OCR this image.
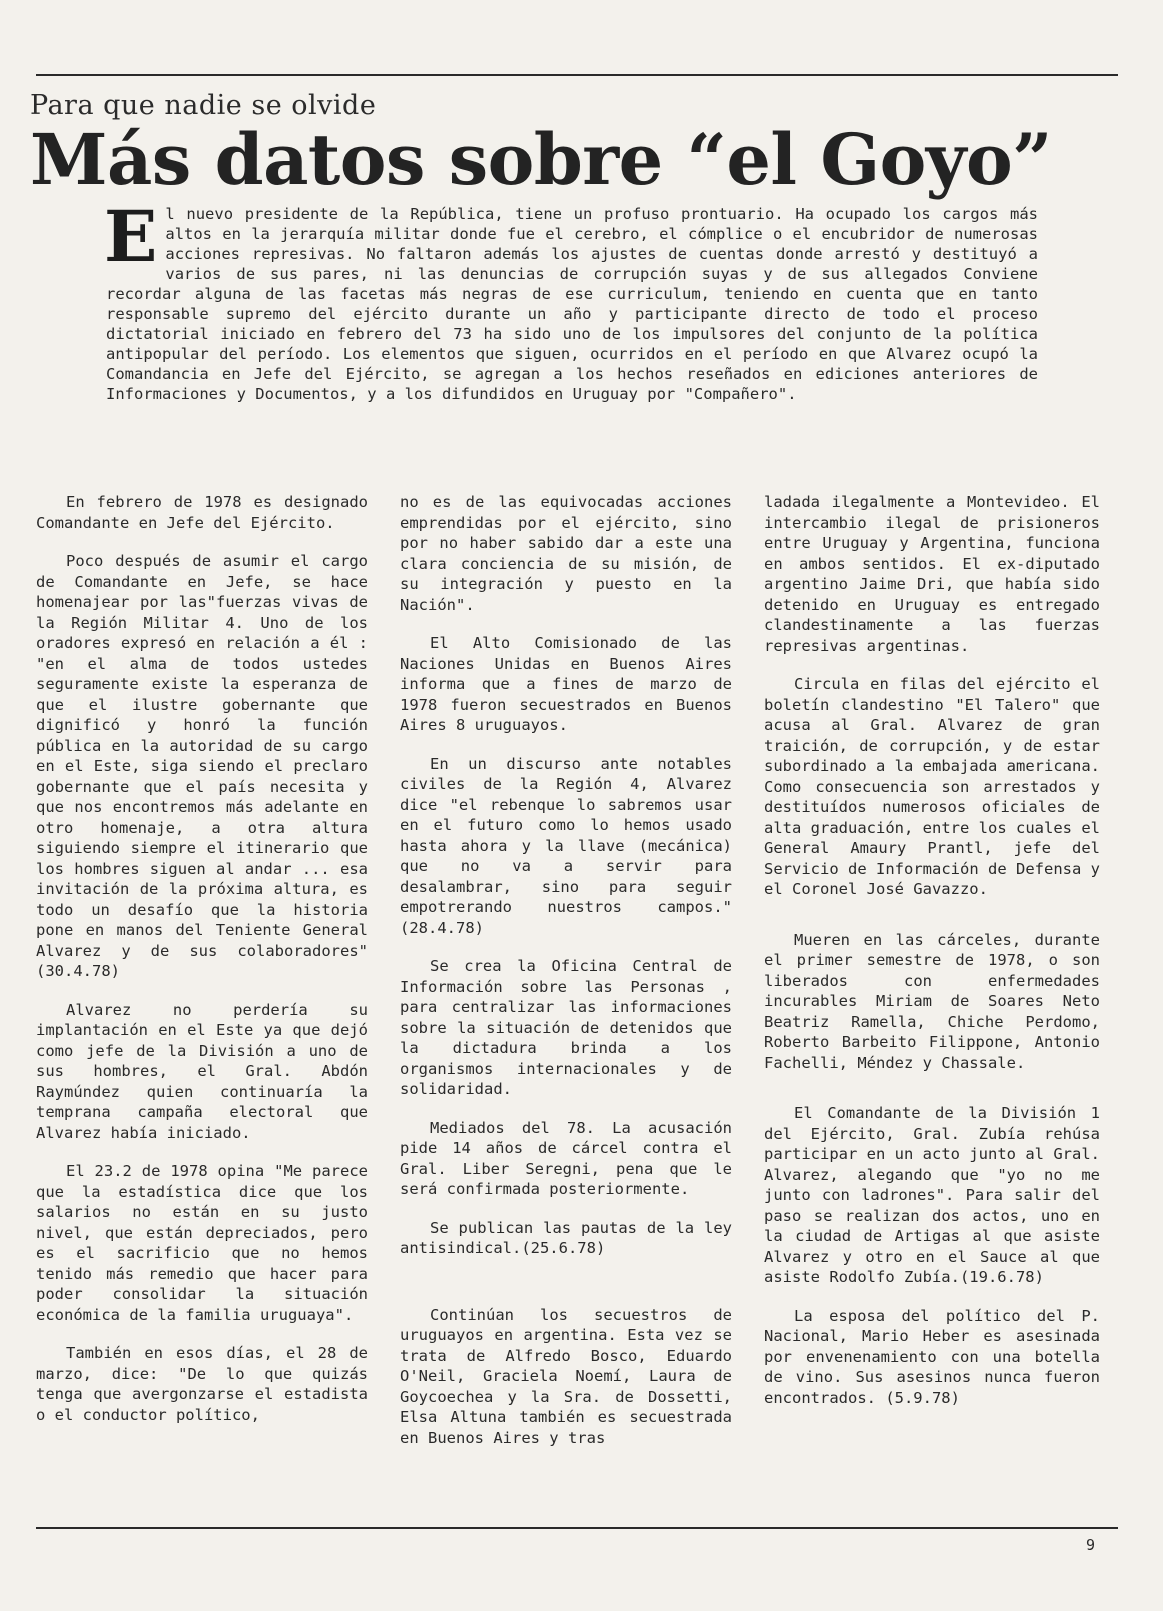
Para que nadie se olvide
Más datos sobre “el Goyo”

El nuevo presidente de la República, tiene un profuso prontuario. Ha ocupado los cargos más altos en la jerarquía militar donde fue el cerebro, el cómplice o el encubridor de numerosas acciones represivas. No faltaron además los ajustes de cuentas donde arrestó y destituyó a varios de sus pares, ni las denuncias de corrupción suyas y de sus allegados Conviene recordar alguna de las facetas más negras de ese curriculum, teniendo en cuenta que en tanto responsable supremo del ejército durante un año y participante directo de todo el proceso dictatorial iniciado en febrero del 73 ha sido uno de los impulsores del conjunto de la política antipopular del período. Los elementos que siguen, ocurridos en el período en que Alvarez ocupó la Comandancia en Jefe del Ejército, se agregan a los hechos reseñados en ediciones anteriores de Informaciones y Documentos, y a los difundidos en Uruguay por "Compañero".

En febrero de 1978 es designado Comandante en Jefe del Ejército.

Poco después de asumir el cargo de Comandante en Jefe, se hace homenajear por las"fuerzas vivas de la Región Militar 4. Uno de los oradores expresó en relación a él : "en el alma de todos ustedes seguramente existe la esperanza de que el ilustre gobernante que dignificó y honró la función pública en la autoridad de su cargo en el Este, siga siendo el preclaro gobernante que el país necesita y que nos encontremos más adelante en otro homenaje, a otra altura siguiendo siempre el itinerario que los hombres siguen al andar ... esa invitación de la próxima altura, es todo un desafío que la historia pone en manos del Teniente General Alvarez y de sus colaboradores" (30.4.78)

Alvarez no perdería su implantación en el Este ya que dejó como jefe de la División a uno de sus hombres, el Gral. Abdón Raymúndez quien continuaría la temprana campaña electoral que Alvarez había iniciado.

El 23.2 de 1978 opina "Me parece que la estadística dice que los salarios no están en su justo nivel, que están depreciados, pero es el sacrificio que no hemos tenido más remedio que hacer para poder consolidar la situación económica de la familia uruguaya".

También en esos días, el 28 de marzo, dice: "De lo que quizás tenga que avergonzarse el estadista o el conductor político,

no es de las equivocadas acciones emprendidas por el ejército, sino por no haber sabido dar a este una clara conciencia de su misión, de su integración y puesto en la Nación".

El Alto Comisionado de las Naciones Unidas en Buenos Aires informa que a fines de marzo de 1978 fueron secuestrados en Buenos Aires 8 uruguayos.

En un discurso ante notables civiles de la Región 4, Alvarez dice "el rebenque lo sabremos usar en el futuro como lo hemos usado hasta ahora y la llave (mecánica) que no va a servir para desalambrar, sino para seguir empotrerando nuestros campos." (28.4.78)

Se crea la Oficina Central de Información sobre las Personas , para centralizar las informaciones sobre la situación de detenidos que la dictadura brinda a los organismos internacionales y de solidaridad.

Mediados del 78. La acusación pide 14 años de cárcel contra el Gral. Liber Seregni, pena que le será confirmada posteriormente.

Se publican las pautas de la ley antisindical.(25.6.78)

Continúan los secuestros de uruguayos en argentina. Esta vez se trata de Alfredo Bosco, Eduardo O'Neil, Graciela Noemí, Laura de Goycoechea y la Sra. de Dossetti, Elsa Altuna también es secuestrada en Buenos Aires y tras

ladada ilegalmente a Montevideo. El intercambio ilegal de prisioneros entre Uruguay y Argentina, funciona en ambos sentidos. El ex-diputado argentino Jaime Dri, que había sido detenido en Uruguay es entregado clandestinamente a las fuerzas represivas argentinas.

Circula en filas del ejército el boletín clandestino "El Talero" que acusa al Gral. Alvarez de gran traición, de corrupción, y de estar subordinado a la embajada americana. Como consecuencia son arrestados y destituídos numerosos oficiales de alta graduación, entre los cuales el General Amaury Prantl, jefe del Servicio de Información de Defensa y el Coronel José Gavazzo.

Mueren en las cárceles, durante el primer semestre de 1978, o son liberados con enfermedades incurables Miriam de Soares Neto Beatriz Ramella, Chiche Perdomo, Roberto Barbeito Filippone, Antonio Fachelli, Méndez y Chassale.

El Comandante de la División 1 del Ejército, Gral. Zubía rehúsa participar en un acto junto al Gral. Alvarez, alegando que "yo no me junto con ladrones". Para salir del paso se realizan dos actos, uno en la ciudad de Artigas al que asiste Alvarez y otro en el Sauce al que asiste Rodolfo Zubía.(19.6.78)

La esposa del político del P. Nacional, Mario Heber es asesinada por envenenamiento con una botella de vino. Sus asesinos nunca fueron encontrados. (5.9.78)

9
